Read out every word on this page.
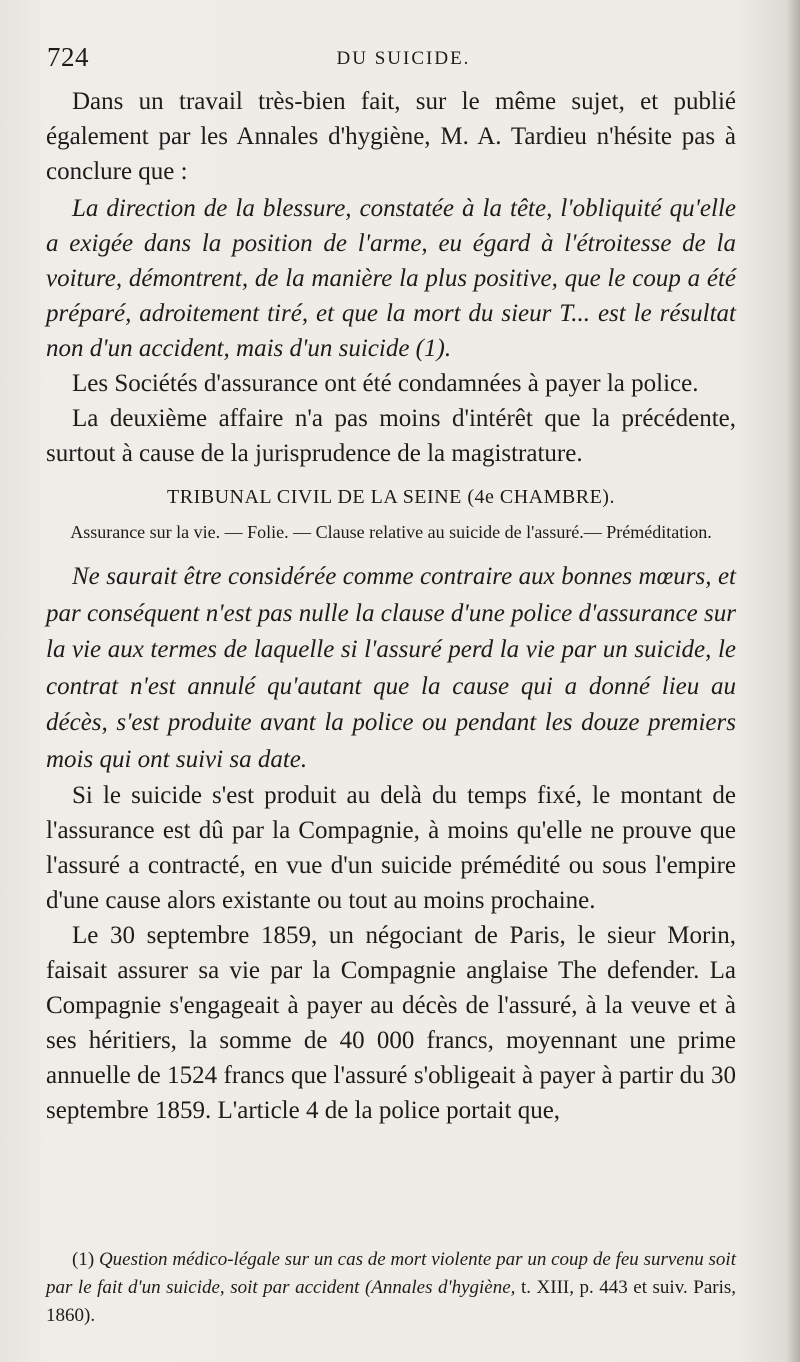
724	DU SUICIDE.

Dans un travail très-bien fait, sur le même sujet, et publié également par les Annales d'hygiène, M. A. Tardieu n'hésite pas à conclure que :

La direction de la blessure, constatée à la tête, l'obliquité qu'elle a exigée dans la position de l'arme, eu égard à l'étroitesse de la voiture, démontrent, de la manière la plus positive, que le coup a été préparé, adroitement tiré, et que la mort du sieur T... est le résultat non d'un accident, mais d'un suicide (1).

Les Sociétés d'assurance ont été condamnées à payer la police.

La deuxième affaire n'a pas moins d'intérêt que la précédente, surtout à cause de la jurisprudence de la magistrature.

TRIBUNAL CIVIL DE LA SEINE (4e CHAMBRE).

Assurance sur la vie. — Folie. — Clause relative au suicide de l'assuré.— Préméditation.

Ne saurait être considérée comme contraire aux bonnes mœurs, et par conséquent n'est pas nulle la clause d'une police d'assurance sur la vie aux termes de laquelle si l'assuré perd la vie par un suicide, le contrat n'est annulé qu'autant que la cause qui a donné lieu au décès, s'est produite avant la police ou pendant les douze premiers mois qui ont suivi sa date.

Si le suicide s'est produit au delà du temps fixé, le montant de l'assurance est dû par la Compagnie, à moins qu'elle ne prouve que l'assuré a contracté, en vue d'un suicide prémédité ou sous l'empire d'une cause alors existante ou tout au moins prochaine.

Le 30 septembre 1859, un négociant de Paris, le sieur Morin, faisait assurer sa vie par la Compagnie anglaise The defender. La Compagnie s'engageait à payer au décès de l'assuré, à la veuve et à ses héritiers, la somme de 40 000 francs, moyennant une prime annuelle de 1524 francs que l'assuré s'obligeait à payer à partir du 30 septembre 1859. L'article 4 de la police portait que,

(1) Question médico-légale sur un cas de mort violente par un coup de feu survenu soit par le fait d'un suicide, soit par accident (Annales d'hygiène, t. XIII, p. 443 et suiv. Paris, 1860).
